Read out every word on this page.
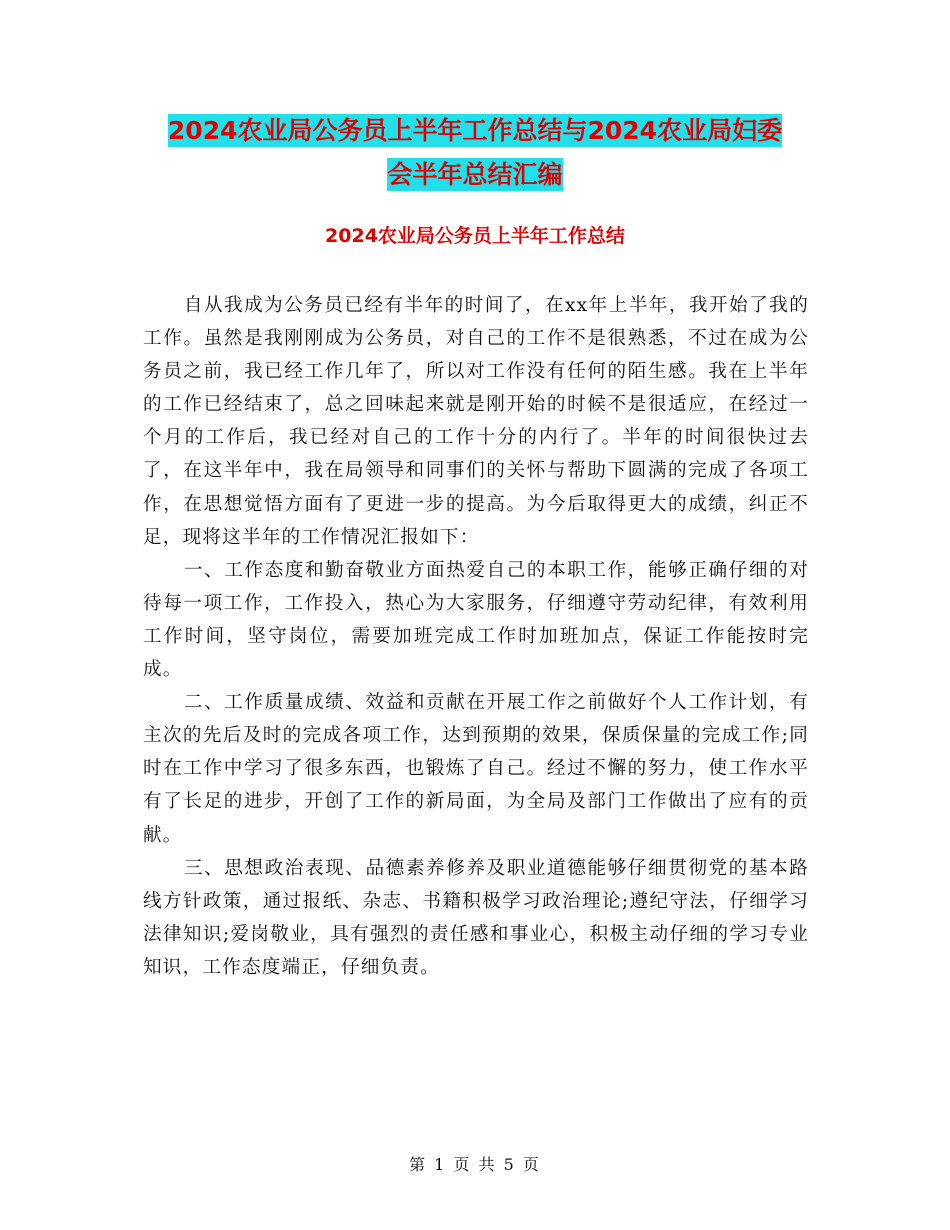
2024农业局公务员上半年工作总结与2024农业局妇委
会半年总结汇编
2024农业局公务员上半年工作总结

自从我成为公务员已经有半年的时间了，在xx年上半年，我开始了我的工作。虽然是我刚刚成为公务员，对自己的工作不是很熟悉，不过在成为公务员之前，我已经工作几年了，所以对工作没有任何的陌生感。我在上半年的工作已经结束了，总之回味起来就是刚开始的时候不是很适应，在经过一个月的工作后，我已经对自己的工作十分的内行了。半年的时间很快过去了，在这半年中，我在局领导和同事们的关怀与帮助下圆满的完成了各项工作，在思想觉悟方面有了更进一步的提高。为今后取得更大的成绩，纠正不足，现将这半年的工作情况汇报如下：

一、工作态度和勤奋敬业方面热爱自己的本职工作，能够正确仔细的对待每一项工作，工作投入，热心为大家服务，仔细遵守劳动纪律，有效利用工作时间，坚守岗位，需要加班完成工作时加班加点，保证工作能按时完成。

二、工作质量成绩、效益和贡献在开展工作之前做好个人工作计划，有主次的先后及时的完成各项工作，达到预期的效果，保质保量的完成工作;同时在工作中学习了很多东西，也锻炼了自己。经过不懈的努力，使工作水平有了长足的进步，开创了工作的新局面，为全局及部门工作做出了应有的贡献。

三、思想政治表现、品德素养修养及职业道德能够仔细贯彻党的基本路线方针政策，通过报纸、杂志、书籍积极学习政治理论;遵纪守法，仔细学习法律知识;爱岗敬业，具有强烈的责任感和事业心，积极主动仔细的学习专业知识，工作态度端正，仔细负责。

第 1 页 共 5 页
